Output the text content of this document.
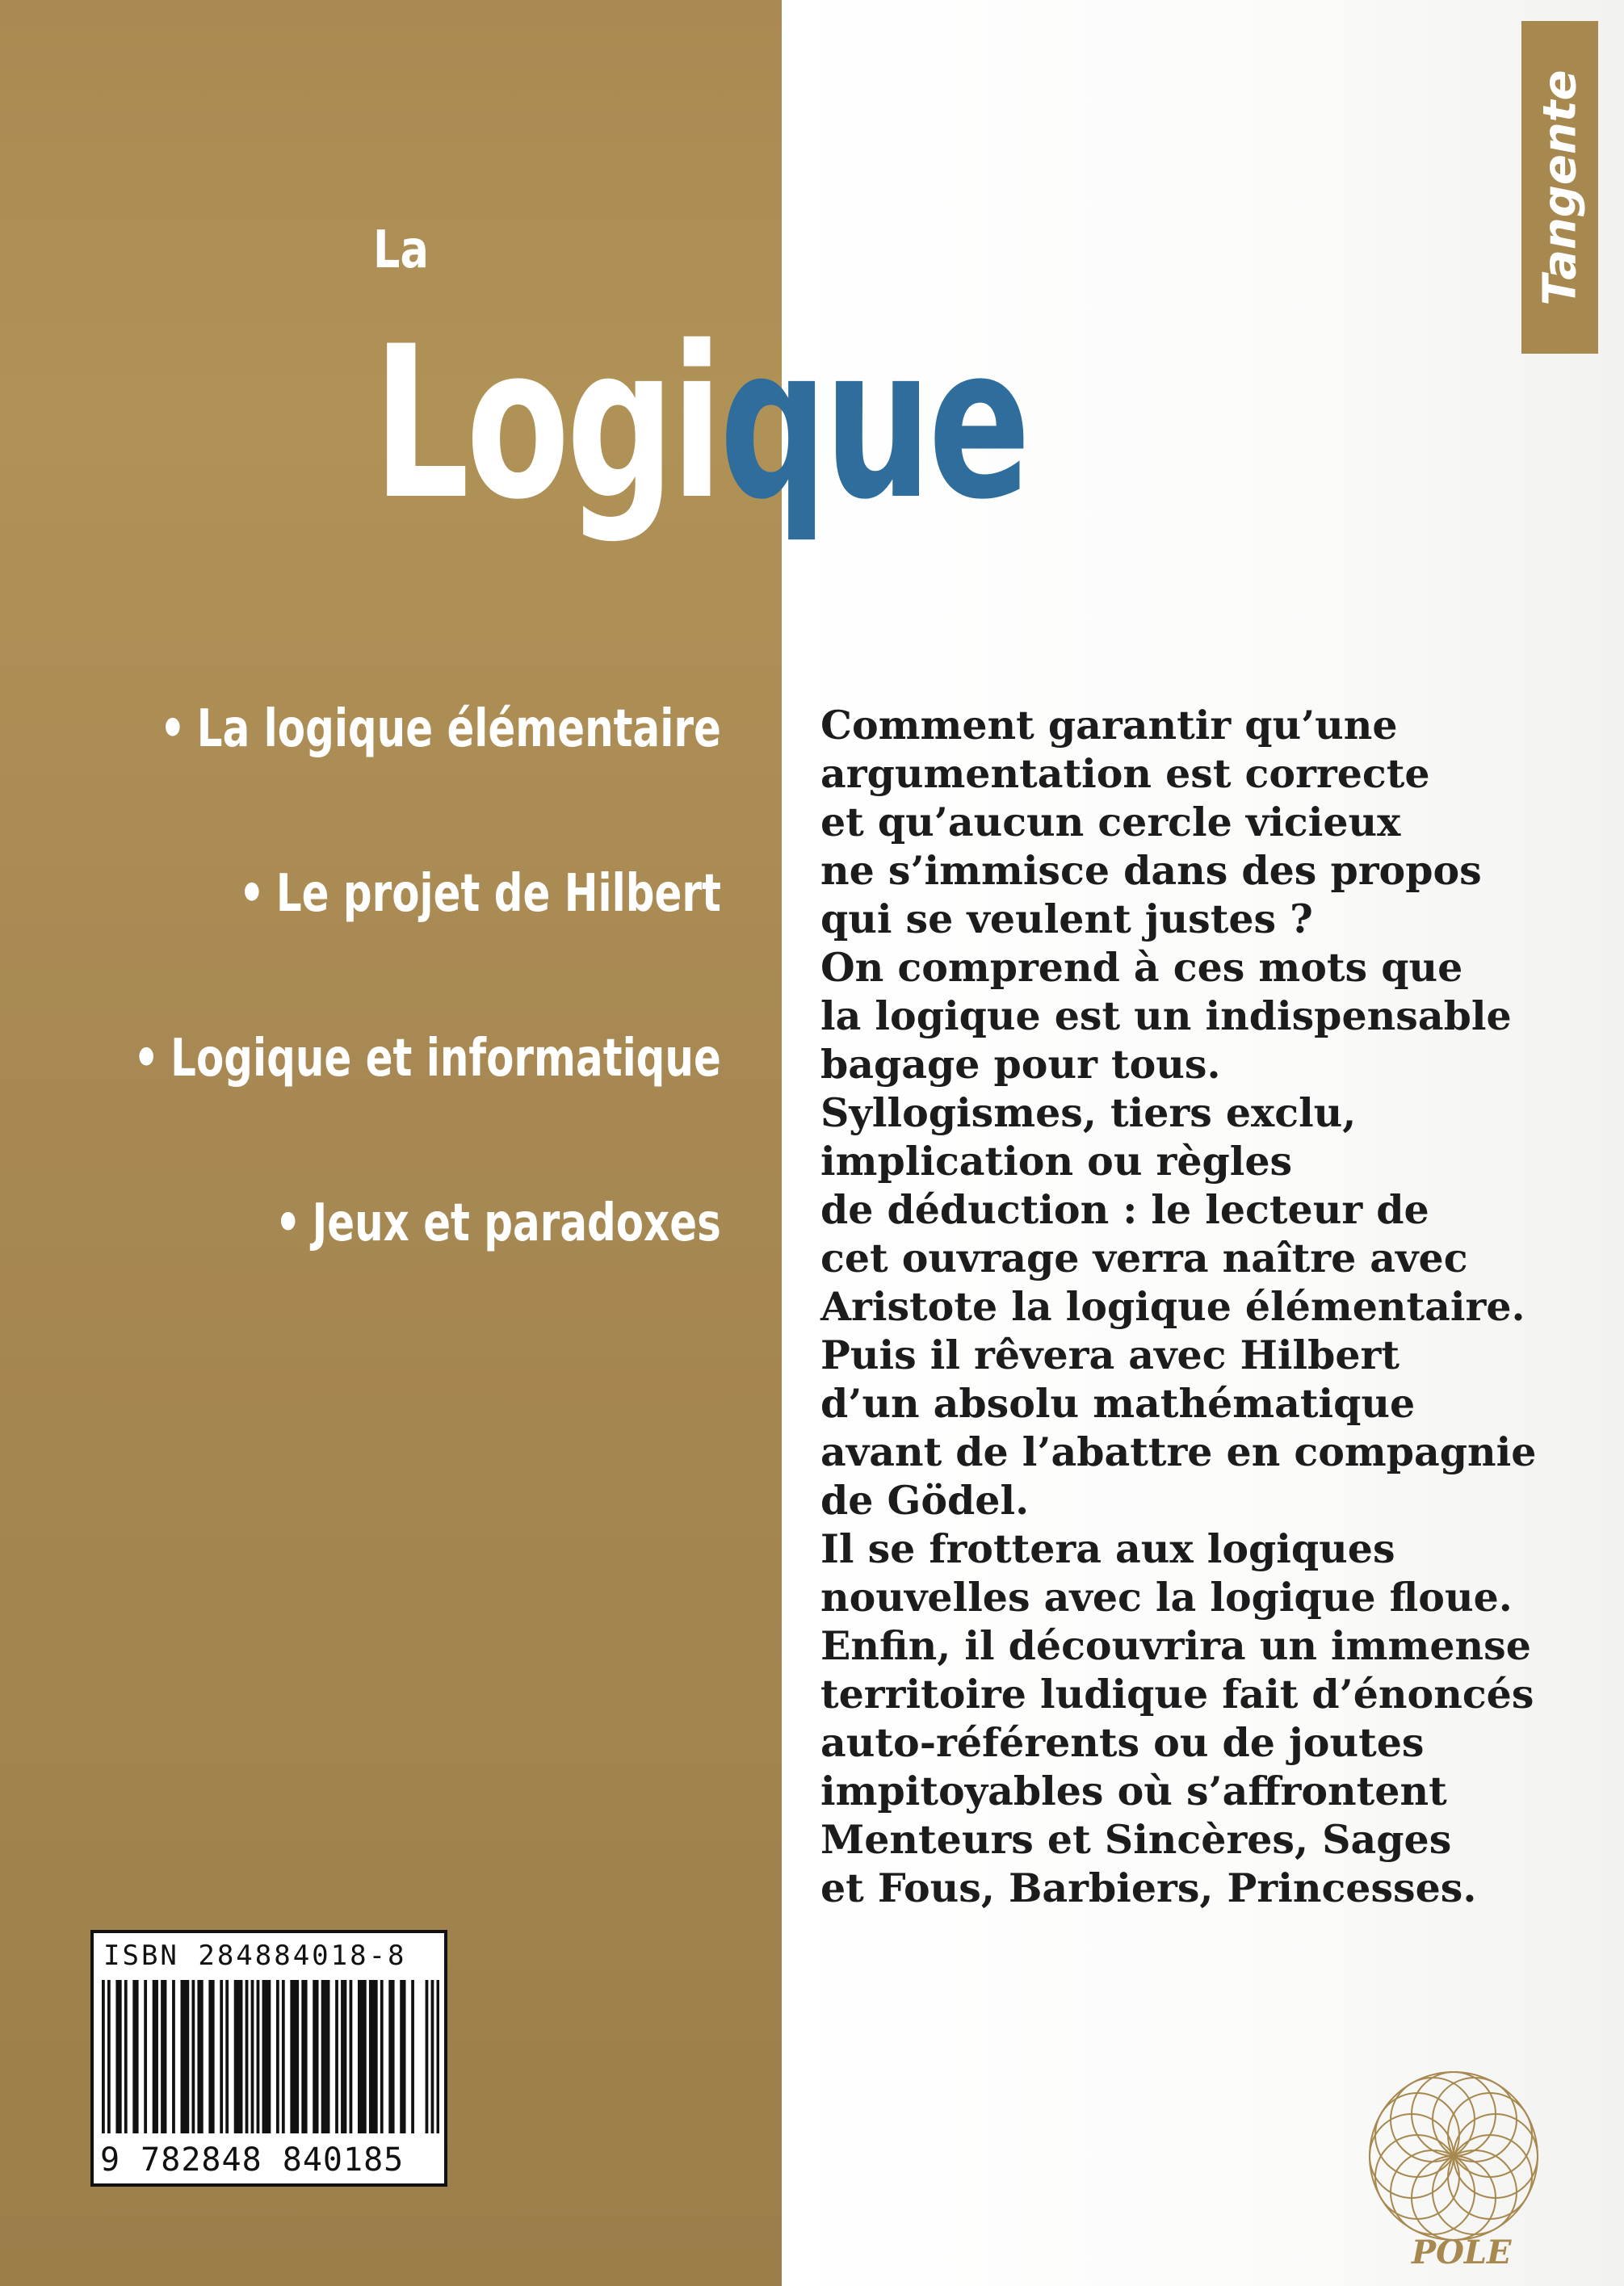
Tangente
La
Logique
• La logique élémentaire
• Le projet de Hilbert
• Logique et informatique
• Jeux et paradoxes
Comment garantir qu’une
argumentation est correcte
et qu’aucun cercle vicieux
ne s’immisce dans des propos
qui se veulent justes ?
On comprend à ces mots que
la logique est un indispensable
bagage pour tous.
Syllogismes, tiers exclu,
implication ou règles
de déduction : le lecteur de
cet ouvrage verra naître avec
Aristote la logique élémentaire.
Puis il rêvera avec Hilbert
d’un absolu mathématique
avant de l’abattre en compagnie
de Gödel.
Il se frottera aux logiques
nouvelles avec la logique floue.
Enfin, il découvrira un immense
territoire ludique fait d’énoncés
auto-référents ou de joutes
impitoyables où s’affrontent
Menteurs et Sincères, Sages
et Fous, Barbiers, Princesses.
ISBN 284884018-8
9 782848 840185
POLE
